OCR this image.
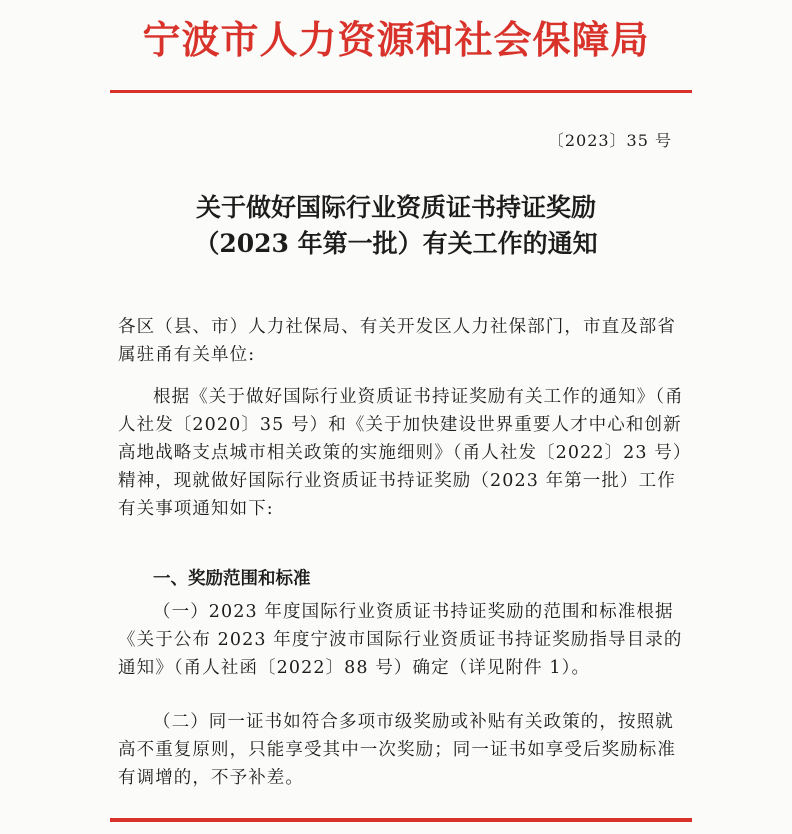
宁波市人力资源和社会保障局
〔2023〕35 号
关于做好国际行业资质证书持证奖励
（2023 年第一批）有关工作的通知
各区（县、市）人力社保局、有关开发区人力社保部门，市直及部省属驻甬有关单位:
根据《关于做好国际行业资质证书持证奖励有关工作的通知》（甬人社发〔2020〕35 号）和《关于加快建设世界重要人才中心和创新高地战略支点城市相关政策的实施细则》（甬人社发〔2022〕23 号）精神，现就做好国际行业资质证书持证奖励（2023 年第一批）工作有关事项通知如下:
一、奖励范围和标准
（一）2023 年度国际行业资质证书持证奖励的范围和标准根据《关于公布 2023 年度宁波市国际行业资质证书持证奖励指导目录的通知》（甬人社函〔2022〕88 号）确定（详见附件 1）。
（二）同一证书如符合多项市级奖励或补贴有关政策的，按照就高不重复原则，只能享受其中一次奖励；同一证书如享受后奖励标准有调增的，不予补差。
